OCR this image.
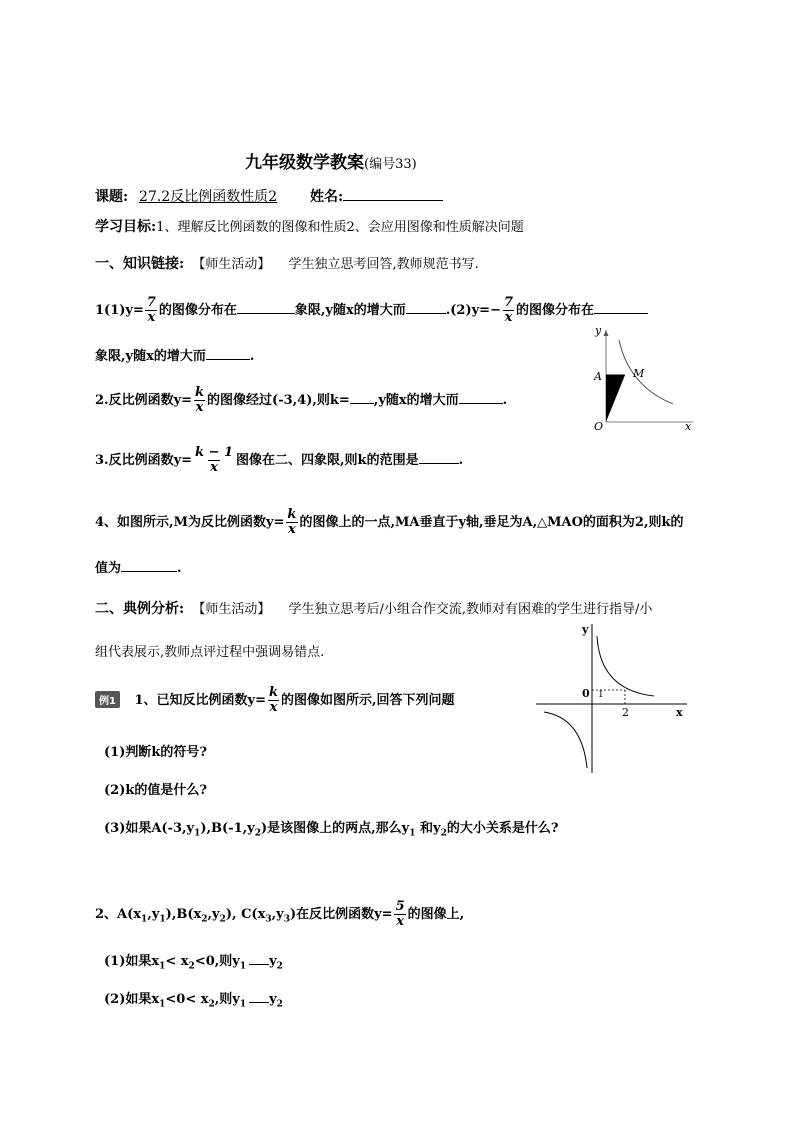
九年级数学教案(编号33)
课题: 27.2反比例函数性质2 姓名:
学习目标:1、理解反比例函数的图像和性质2、会应用图像和性质解决问题
一、知识链接: 【师生活动】 学生独立思考回答,教师规范书写.
$1(1)y= \frac{7}{x}$ 的图像分布在	象限,y随x的增大而	$.(2)y=- \frac{7}{x}$ 的图像分布在
象限,y随x的增大而	.
y
x
O
A	M
2.反比例函数$y= \frac{k}{x}$ 的图像经过(-3,4),则k= ,y随x的增大而	.
3.反比例函数$y= \frac{k - 1}{x}$ 图像在二、四象限,则k的范围是	.
4、如图所示,M为反比例函数$y= \frac{k}{x}$ 的图像上的一点,MA垂直于y轴,垂足为A,△MAO的面积为2,则k的
值为	.
二、典例分析: 【师生活动】 学生独立思考后/小组合作交流,教师对有困难的学生进行指导/小
组代表展示,教师点评过程中强调易错点.
y
x
0 1
2
例1 1、已知反比例函数$y= \frac{k}{x}$ 的图像如图所示,回答下列问题
(1)判断k的符号?
(2)k的值是什么?
(3)如果$A(-3,y_1),B(-1,y_2)$是该图像上的两点,那么$y_1$ 和$y_2$的大小关系是什么?
2、$A(x_1,y_1),B(x_2,y_2)$, $C(x_3,y_3)$在反比例函数$y= \frac{5}{x}$ 的图像上,
(1)如果$x_1< x_2<0$,则$y_1$ $y_2$
(2)如果$x_1<0< x_2$,则$y_1$ $y_2$
